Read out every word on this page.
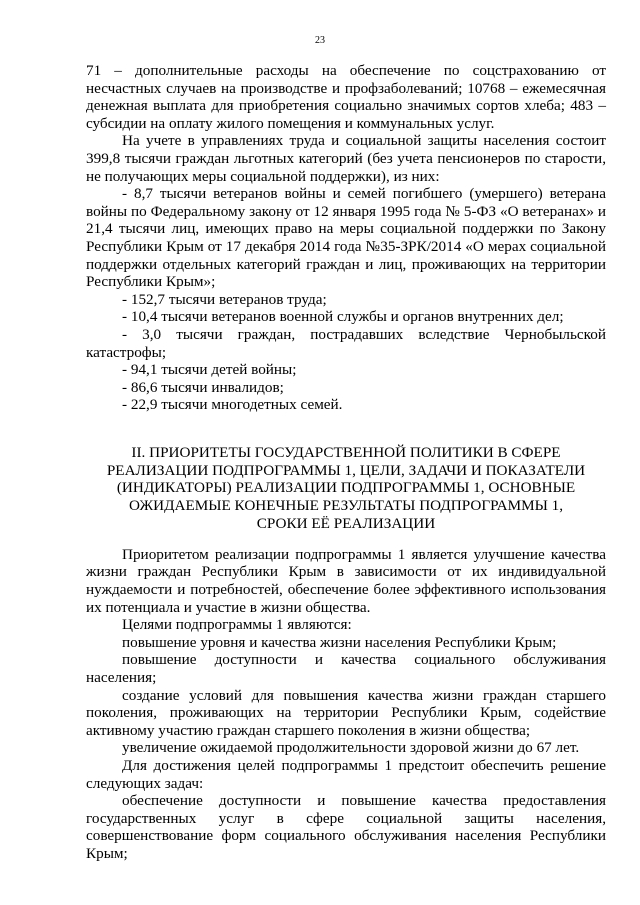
23

71 – дополнительные расходы на обеспечение по соцстрахованию от несчастных случаев на производстве и профзаболеваний; 10768 – ежемесячная денежная выплата для приобретения социально значимых сортов хлеба; 483 – субсидии на оплату жилого помещения и коммунальных услуг.

На учете в управлениях труда и социальной защиты населения состоит 399,8 тысячи граждан льготных категорий (без учета пенсионеров по старости, не получающих меры социальной поддержки), из них:

- 8,7 тысячи ветеранов войны и семей погибшего (умершего) ветерана войны по Федеральному закону от 12 января 1995 года № 5-ФЗ «О ветеранах» и 21,4 тысячи лиц, имеющих право на меры социальной поддержки по Закону Республики Крым от 17 декабря 2014 года №35-ЗРК/2014 «О мерах социальной поддержки отдельных категорий граждан и лиц, проживающих на территории Республики Крым»;

- 152,7 тысячи ветеранов труда;

- 10,4 тысячи ветеранов военной службы и органов внутренних дел;

- 3,0 тысячи граждан, пострадавших вследствие Чернобыльской катастрофы;

- 94,1 тысячи детей войны;

- 86,6 тысячи инвалидов;

- 22,9 тысячи многодетных семей.

II. ПРИОРИТЕТЫ ГОСУДАРСТВЕННОЙ ПОЛИТИКИ В СФЕРЕ
РЕАЛИЗАЦИИ ПОДПРОГРАММЫ 1, ЦЕЛИ, ЗАДАЧИ И ПОКАЗАТЕЛИ
(ИНДИКАТОРЫ) РЕАЛИЗАЦИИ ПОДПРОГРАММЫ 1, ОСНОВНЫЕ
ОЖИДАЕМЫЕ КОНЕЧНЫЕ РЕЗУЛЬТАТЫ ПОДПРОГРАММЫ 1,
СРОКИ ЕЁ РЕАЛИЗАЦИИ

Приоритетом реализации подпрограммы 1 является улучшение качества жизни граждан Республики Крым в зависимости от их индивидуальной нуждаемости и потребностей, обеспечение более эффективного использования их потенциала и участие в жизни общества.

Целями подпрограммы 1 являются:

повышение уровня и качества жизни населения Республики Крым;

повышение доступности и качества социального обслуживания населения;

создание условий для повышения качества жизни граждан старшего поколения, проживающих на территории Республики Крым, содействие активному участию граждан старшего поколения в жизни общества;

увеличение ожидаемой продолжительности здоровой жизни до 67 лет.

Для достижения целей подпрограммы 1 предстоит обеспечить решение следующих задач:

обеспечение доступности и повышение качества предоставления государственных услуг в сфере социальной защиты населения, совершенствование форм социального обслуживания населения Республики Крым;
